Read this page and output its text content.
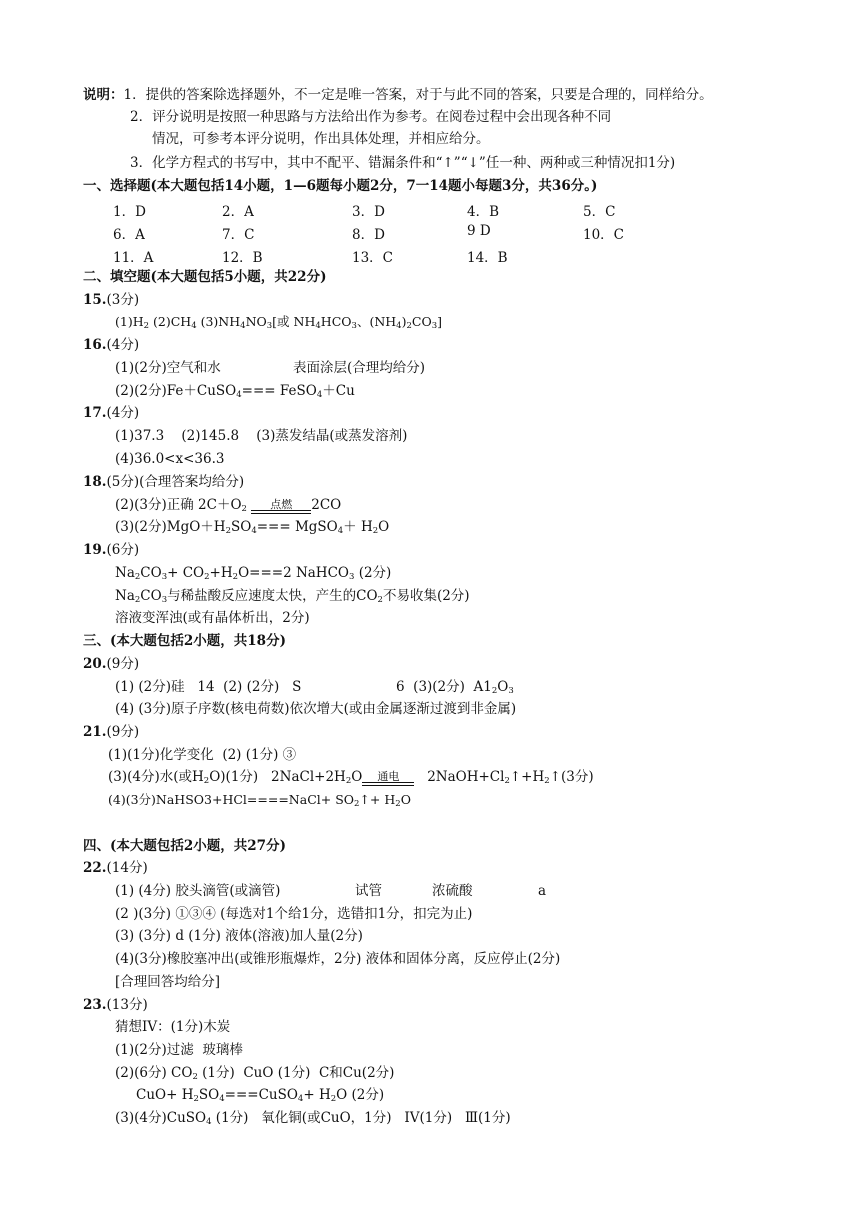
说明：1．提供的答案除选择题外，不一定是唯一答案，对于与此不同的答案，只要是合理的，同样给分。
2．评分说明是按照一种思路与方法给出作为参考。在阅卷过程中会出现各种不同
情况，可参考本评分说明，作出具体处理，并相应给分。
3．化学方程式的书写中，其中不配平、错漏条件和“↑”“↓”任一种、两种或三种情况扣1分)
一、选择题(本大题包括14小题，1—6题每小题2分，7一14题小每题3分，共36分。)
1．D	2．A	3．D	4．B	5．C
6．A	7．C	8．D	9 D	10．C
11．A	12．B	13．C	14．B
二、填空题(本大题包括5小题，共22分)
15.(3分)
$(1)H_2$ $(2)CH_4$ $(3)NH_4NO_3$[或 $NH_4HCO_3$、$(NH_4)_2CO_3$]
16.(4分)
(1)(2分)空气和水	表面涂层(合理均给分)
(2)(2分)Fe＋CuSO$_4$=== FeSO$_4$＋Cu
17.(4分)
(1)37.3    (2)145.8    (3)蒸发结晶(或蒸发溶剂)
(4)36.0<x<36.3
18.(5分)(合理答案均给分)
(2)(3分)正确 $2C+O_2$	点燃	2CO
(3)(2分)$MgO+H_2SO_4===$ MgSO$_4$＋ $H_2O$
19.(6分)
$Na_2CO_3+ CO_2+H_2O===2$ NaHCO$_3$ (2分)
$Na_2CO_3$与稀盐酸反应速度太快，产生的$CO_2$不易收集(2分)
溶液变浑浊(或有晶体析出，2分)
三、(本大题包括2小题，共18分)
20.(9分)
(1) (2分)硅   14  (2) (2分)   S	6  (3)(2分)  $A1_2O_3$
(4) (3分)原子序数(核电荷数)依次增大(或由金属逐渐过渡到非金属)
21.(9分)
(1)(1分)化学变化  (2) (1分) ③
(3)(4分)水(或$H_2O)(1$分)   $2NaCl+2H_2O$	通电	$2NaOH+Cl_2↑+H_2↑(3$分)
(4)(3分)NaHSO3+HCl====NaCl+ $SO_2↑+ H_2O$
四、(本大题包括2小题，共27分)
22.(14分)
(1) (4分) 胶头滴管(或滴管)	试管	浓硫酸	a
(2 )(3分) ①③④ (每选对1个给1分，选错扣1分，扣完为止)
(3) (3分) d (1分) 液体(溶液)加人量(2分)
(4)(3分)橡胶塞冲出(或锥形瓶爆炸，2分) 液体和固体分离，反应停止(2分)
[合理回答均给分]
23.(13分)
猜想IV：(1分)木炭
(1)(2分)过滤  玻璃棒
(2)(6分) $CO_2$ (1分)  CuO (1分)  C和Cu(2分)
$CuO+ H_2SO_4===CuSO_4+ H_2O$ (2分)
(3)(4分)CuSO$_4$ (1分)   氧化铜(或CuO，1分)   IV(1分)   Ⅲ(1分)
